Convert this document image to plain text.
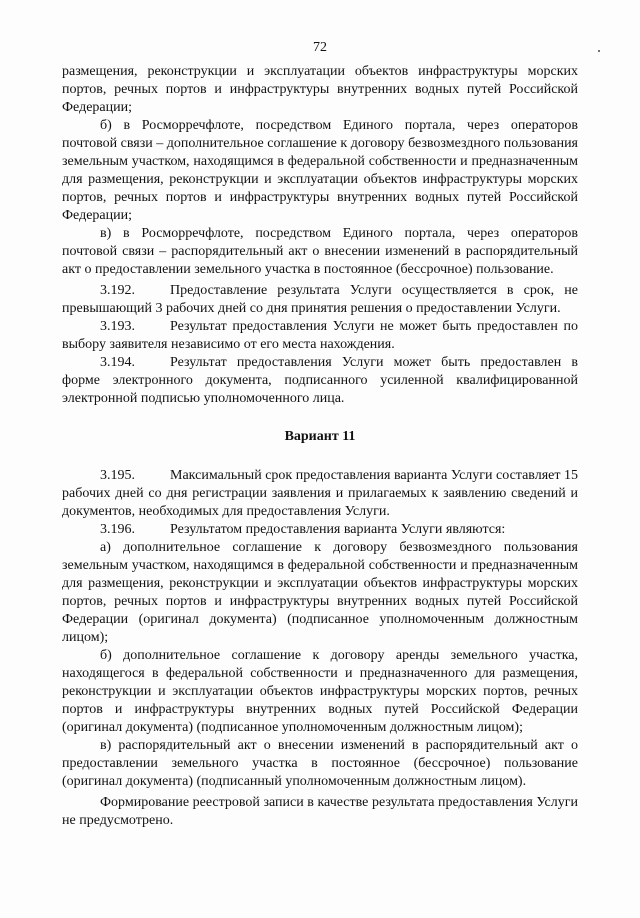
72

размещения, реконструкции и эксплуатации объектов инфраструктуры морских портов, речных портов и инфраструктуры внутренних водных путей Российской Федерации;

б) в Росморречфлоте, посредством Единого портала, через операторов почтовой связи – дополнительное соглашение к договору безвозмездного пользования земельным участком, находящимся в федеральной собственности и предназначенным для размещения, реконструкции и эксплуатации объектов инфраструктуры морских портов, речных портов и инфраструктуры внутренних водных путей Российской Федерации;

в) в Росморречфлоте, посредством Единого портала, через операторов почтовой связи – распорядительный акт о внесении изменений в распорядительный акт о предоставлении земельного участка в постоянное (бессрочное) пользование.

3.192.	Предоставление результата Услуги осуществляется в срок, не превышающий 3 рабочих дней со дня принятия решения о предоставлении Услуги.

3.193.	Результат предоставления Услуги не может быть предоставлен по выбору заявителя независимо от его места нахождения.

3.194.	Результат предоставления Услуги может быть предоставлен в форме электронного документа, подписанного усиленной квалифицированной электронной подписью уполномоченного лица.

Вариант 11

3.195.	Максимальный срок предоставления варианта Услуги составляет 15 рабочих дней со дня регистрации заявления и прилагаемых к заявлению сведений и документов, необходимых для предоставления Услуги.

3.196.	Результатом предоставления варианта Услуги являются:

а) дополнительное соглашение к договору безвозмездного пользования земельным участком, находящимся в федеральной собственности и предназначенным для размещения, реконструкции и эксплуатации объектов инфраструктуры морских портов, речных портов и инфраструктуры внутренних водных путей Российской Федерации (оригинал документа) (подписанное уполномоченным должностным лицом);

б) дополнительное соглашение к договору аренды земельного участка, находящегося в федеральной собственности и предназначенного для размещения, реконструкции и эксплуатации объектов инфраструктуры морских портов, речных портов и инфраструктуры внутренних водных путей Российской Федерации (оригинал документа) (подписанное уполномоченным должностным лицом);

в) распорядительный акт о внесении изменений в распорядительный акт о предоставлении земельного участка в постоянное (бессрочное) пользование (оригинал документа) (подписанный уполномоченным должностным лицом).

Формирование реестровой записи в качестве результата предоставления Услуги не предусмотрено.
